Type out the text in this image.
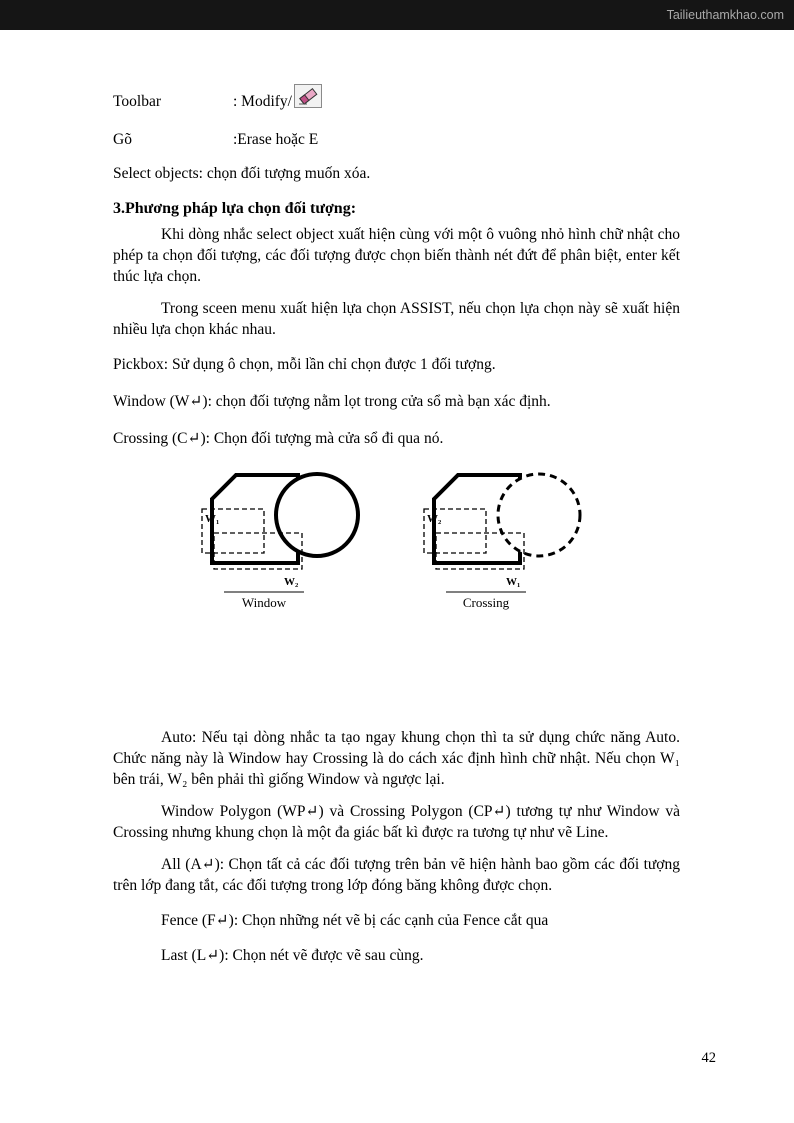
Tailieuthamkhao.com
Toolbar	: Modify/
Gõ	:Erase hoặc E
Select objects: chọn đối tượng muốn xóa.
3.Phương pháp lựa chọn đối tượng:

Khi dòng nhắc select object xuất hiện cùng với một ô vuông nhỏ hình chữ nhật cho phép ta chọn đối tượng, các đối tượng được chọn biến thành nét đứt để phân biệt, enter kết thúc lựa chọn.

Trong sceen menu xuất hiện lựa chọn ASSIST, nếu chọn lựa chọn này sẽ xuất hiện nhiều lựa chọn khác nhau.

Pickbox: Sử dụng ô chọn, mỗi lần chỉ chọn được 1 đối tượng.
Window (W↵): chọn đối tượng nằm lọt trong cửa sổ mà bạn xác định.
Crossing (C↵): Chọn đối tượng mà cửa sổ đi qua nó.
W₁
W₂
Window
W₂
W₁
Crossing

Auto: Nếu tại dòng nhắc ta tạo ngay khung chọn thì ta sử dụng chức năng Auto. Chức năng này là Window hay Crossing là do cách xác định hình chữ nhật. Nếu chọn W₁ bên trái, W₂ bên phải thì giống Window và ngược lại.

Window Polygon (WP↵) và Crossing Polygon (CP↵) tương tự như Window và Crossing nhưng khung chọn là một đa giác bất kì được ra tương tự như vẽ Line.

All (A↵): Chọn tất cả các đối tượng trên bản vẽ hiện hành bao gồm các đối tượng trên lớp đang tắt, các đối tượng trong lớp đóng băng không được chọn.

Fence (F↵): Chọn những nét vẽ bị các cạnh của Fence cắt qua

Last (L↵): Chọn nét vẽ được vẽ sau cùng.

42
